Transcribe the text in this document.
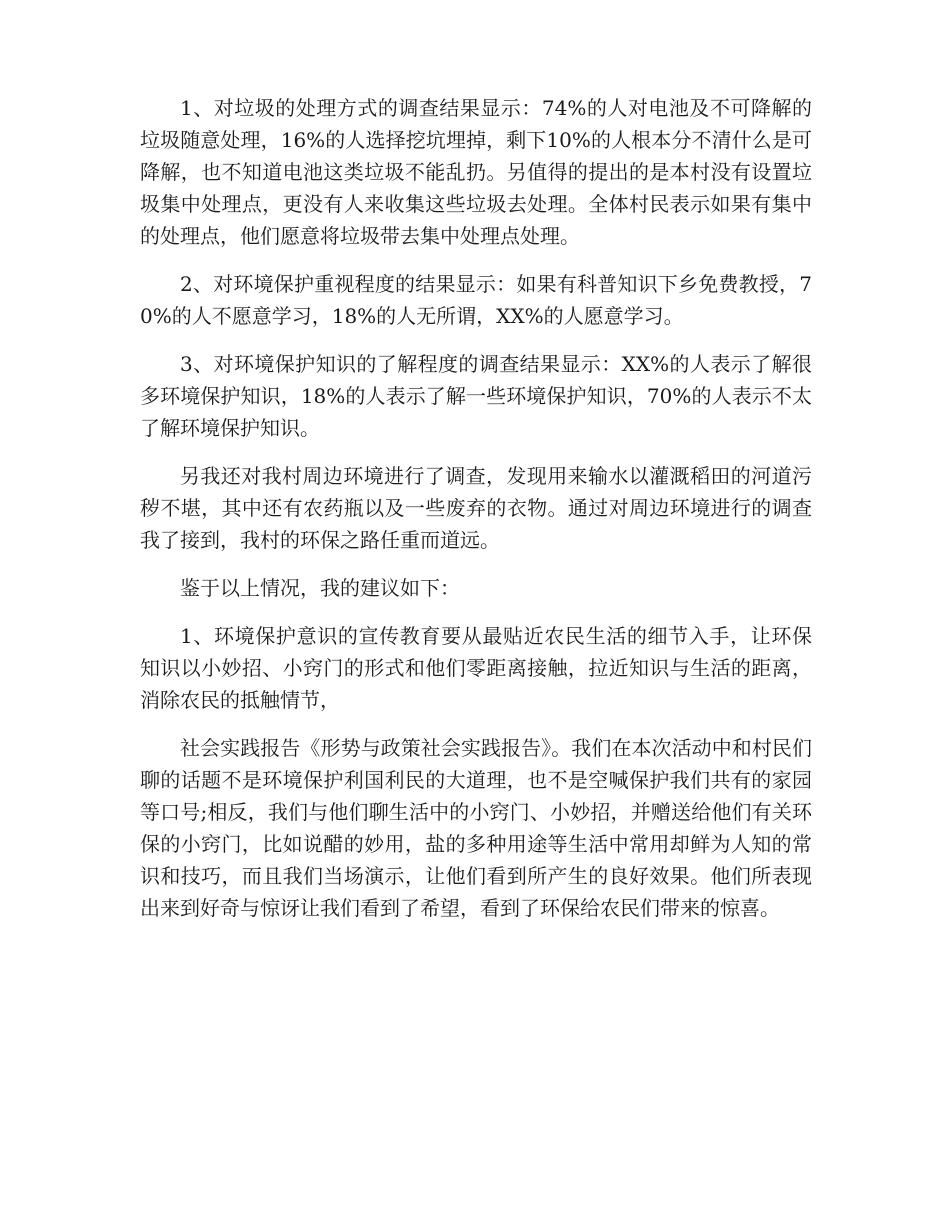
1、对垃圾的处理方式的调查结果显示：74%的人对电池及不可降解的垃圾随意处理，16%的人选择挖坑埋掉，剩下10%的人根本分不清什么是可降解，也不知道电池这类垃圾不能乱扔。另值得的提出的是本村没有设置垃圾集中处理点，更没有人来收集这些垃圾去处理。全体村民表示如果有集中的处理点，他们愿意将垃圾带去集中处理点处理。

2、对环境保护重视程度的结果显示：如果有科普知识下乡免费教授，70%的人不愿意学习，18%的人无所谓，XX%的人愿意学习。

3、对环境保护知识的了解程度的调查结果显示：XX%的人表示了解很多环境保护知识，18%的人表示了解一些环境保护知识，70%的人表示不太了解环境保护知识。

另我还对我村周边环境进行了调查，发现用来输水以灌溉稻田的河道污秽不堪，其中还有农药瓶以及一些废弃的衣物。通过对周边环境进行的调查我了接到，我村的环保之路任重而道远。

鉴于以上情况，我的建议如下：

1、环境保护意识的宣传教育要从最贴近农民生活的细节入手，让环保知识以小妙招、小窍门的形式和他们零距离接触，拉近知识与生活的距离，消除农民的抵触情节，

社会实践报告《形势与政策社会实践报告》。我们在本次活动中和村民们聊的话题不是环境保护利国利民的大道理，也不是空喊保护我们共有的家园等口号;相反，我们与他们聊生活中的小窍门、小妙招，并赠送给他们有关环保的小窍门，比如说醋的妙用，盐的多种用途等生活中常用却鲜为人知的常识和技巧，而且我们当场演示，让他们看到所产生的良好效果。他们所表现出来到好奇与惊讶让我们看到了希望，看到了环保给农民们带来的惊喜。
